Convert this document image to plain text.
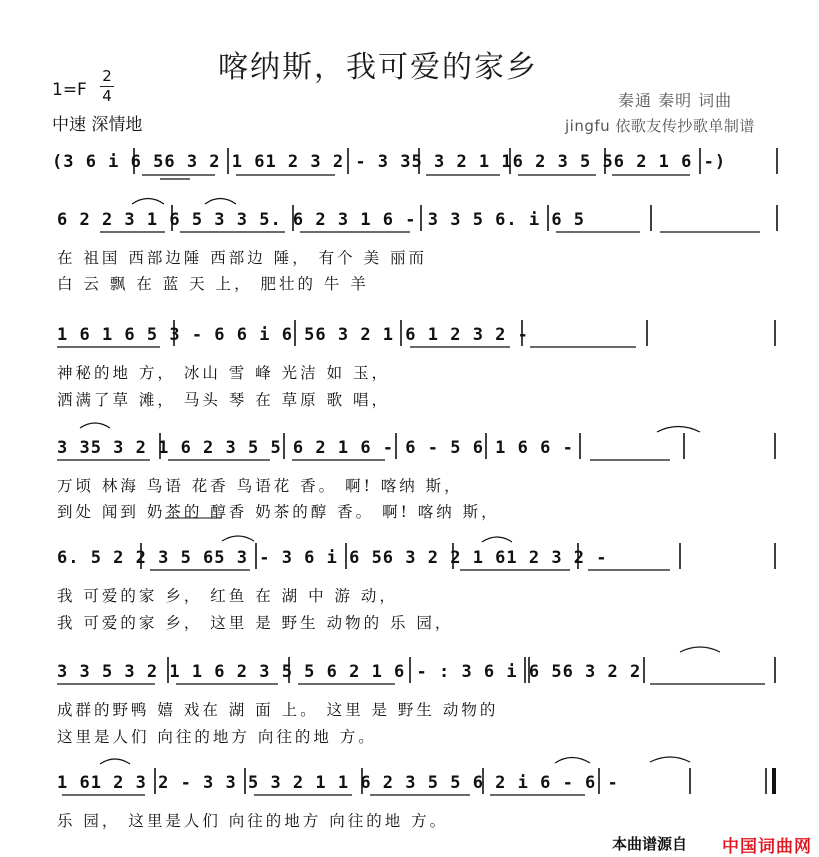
喀纳斯，我可爱的家乡
1=F
2
4
中速 深情地
秦通 秦明 词曲
jingfu 依歌友传抄歌单制谱
(3 6 i 6 56 3 2 1 61 2 3 2 - 3 35 3 2 1 16 2 3 5 56 2 1 6 -)
6 2 2 3 1 6 5 3 3 5. 6 2 3 1 6 - 3 3 5 6. i 6 5
在 祖国 西部边陲 西部边 陲， 有个 美 丽而
白 云 飘 在 蓝 天 上， 肥壮的 牛 羊
1 6 1 6 5 3 - 6 6 i 6 56 3 2 1 6 1 2 3 2 -
神秘的地 方， 冰山 雪 峰 光洁 如 玉，
洒满了草 滩， 马头 琴 在 草原 歌 唱，
3 35 3 2 1 6 2 3 5 5 6 2 1 6 - 6 - 5 6 1 6 6 -
万顷 林海 鸟语 花香 鸟语花 香。 啊! 喀纳 斯，
到处 闻到 奶茶的 醇香 奶茶的醇 香。 啊! 喀纳 斯，
6. 5 2 2 3 5 65 3 - 3 6 i 6 56 3 2 2 1 61 2 3 2 -
我 可爱的家 乡， 红鱼 在 湖 中 游 动，
我 可爱的家 乡， 这里 是 野生 动物的 乐 园，
3 3 5 3 2 1 1 6 2 3 5 5 6 2 1 6 - : 3 6 i 6 56 3 2 2
成群的野鸭 嬉 戏在 湖 面 上。 这里 是 野生 动物的
这里是人们 向往的地方 向往的地 方。
1 61 2 3 2 - 3 3 5 3 2 1 1 6 2 3 5 5 6 2 i 6 - 6 -
乐 园， 这里是人们 向往的地方 向往的地 方。
本曲谱源自 中国词曲网
